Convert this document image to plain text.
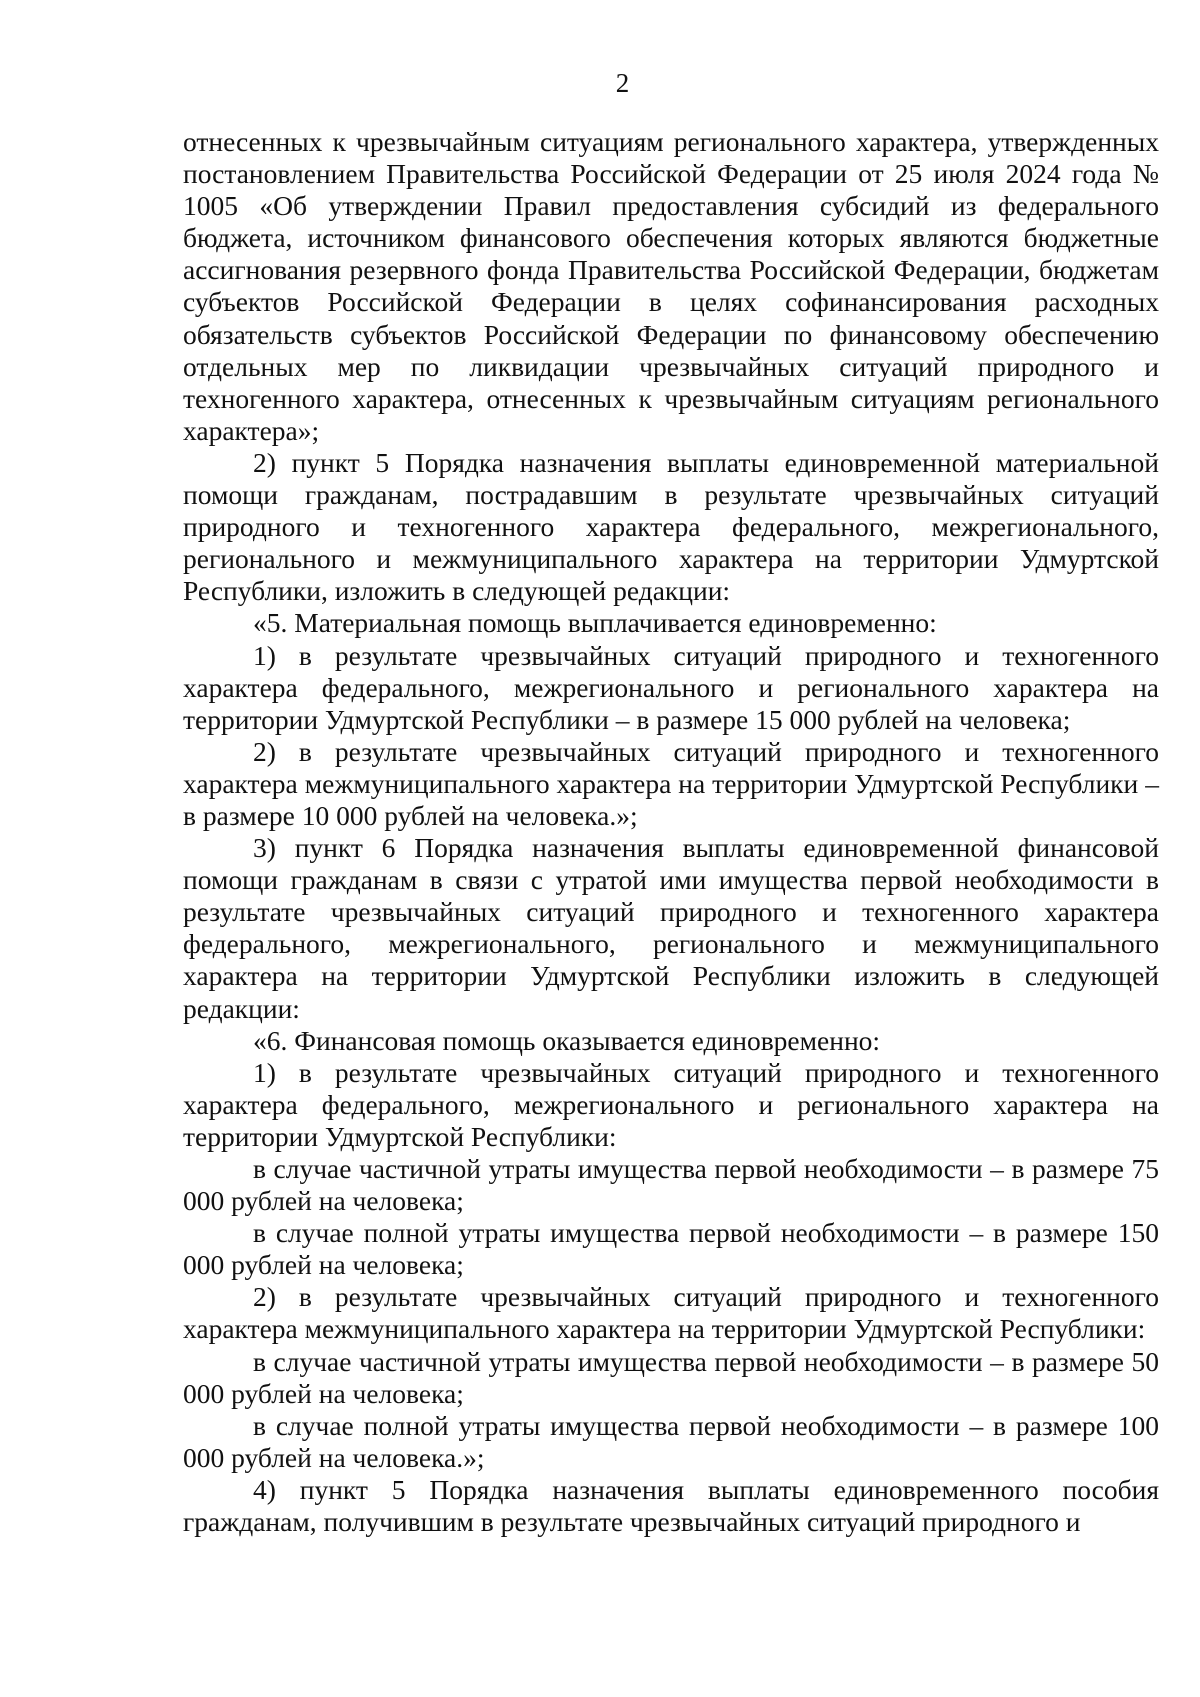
2

отнесенных к чрезвычайным ситуациям регионального характера, утвержденных постановлением Правительства Российской Федерации от 25 июля 2024 года № 1005 «Об утверждении Правил предоставления субсидий из федерального бюджета, источником финансового обеспечения которых являются бюджетные ассигнования резервного фонда Правительства Российской Федерации, бюджетам субъектов Российской Федерации в целях софинансирования расходных обязательств субъектов Российской Федерации по финансовому обеспечению отдельных мер по ликвидации чрезвычайных ситуаций природного и техногенного характера, отнесенных к чрезвычайным ситуациям регионального характера»;

2) пункт 5 Порядка назначения выплаты единовременной материальной помощи гражданам, пострадавшим в результате чрезвычайных ситуаций природного и техногенного характера федерального, межрегионального, регионального и межмуниципального характера на территории Удмуртской Республики, изложить в следующей редакции:

«5. Материальная помощь выплачивается единовременно:

1) в результате чрезвычайных ситуаций природного и техногенного характера федерального, межрегионального и регионального характера на территории Удмуртской Республики – в размере 15 000 рублей на человека;

2) в результате чрезвычайных ситуаций природного и техногенного характера межмуниципального характера на территории Удмуртской Республики – в размере 10 000 рублей на человека.»;

3) пункт 6 Порядка назначения выплаты единовременной финансовой помощи гражданам в связи с утратой ими имущества первой необходимости в результате чрезвычайных ситуаций природного и техногенного характера федерального, межрегионального, регионального и межмуниципального характера на территории Удмуртской Республики изложить в следующей редакции:

«6. Финансовая помощь оказывается единовременно:

1) в результате чрезвычайных ситуаций природного и техногенного характера федерального, межрегионального и регионального характера на территории Удмуртской Республики:

в случае частичной утраты имущества первой необходимости – в размере 75 000 рублей на человека;

в случае полной утраты имущества первой необходимости – в размере 150 000 рублей на человека;

2) в результате чрезвычайных ситуаций природного и техногенного характера межмуниципального характера на территории Удмуртской Республики:

в случае частичной утраты имущества первой необходимости – в размере 50 000 рублей на человека;

в случае полной утраты имущества первой необходимости – в размере 100 000 рублей на человека.»;

4) пункт 5 Порядка назначения выплаты единовременного пособия гражданам, получившим в результате чрезвычайных ситуаций природного и
